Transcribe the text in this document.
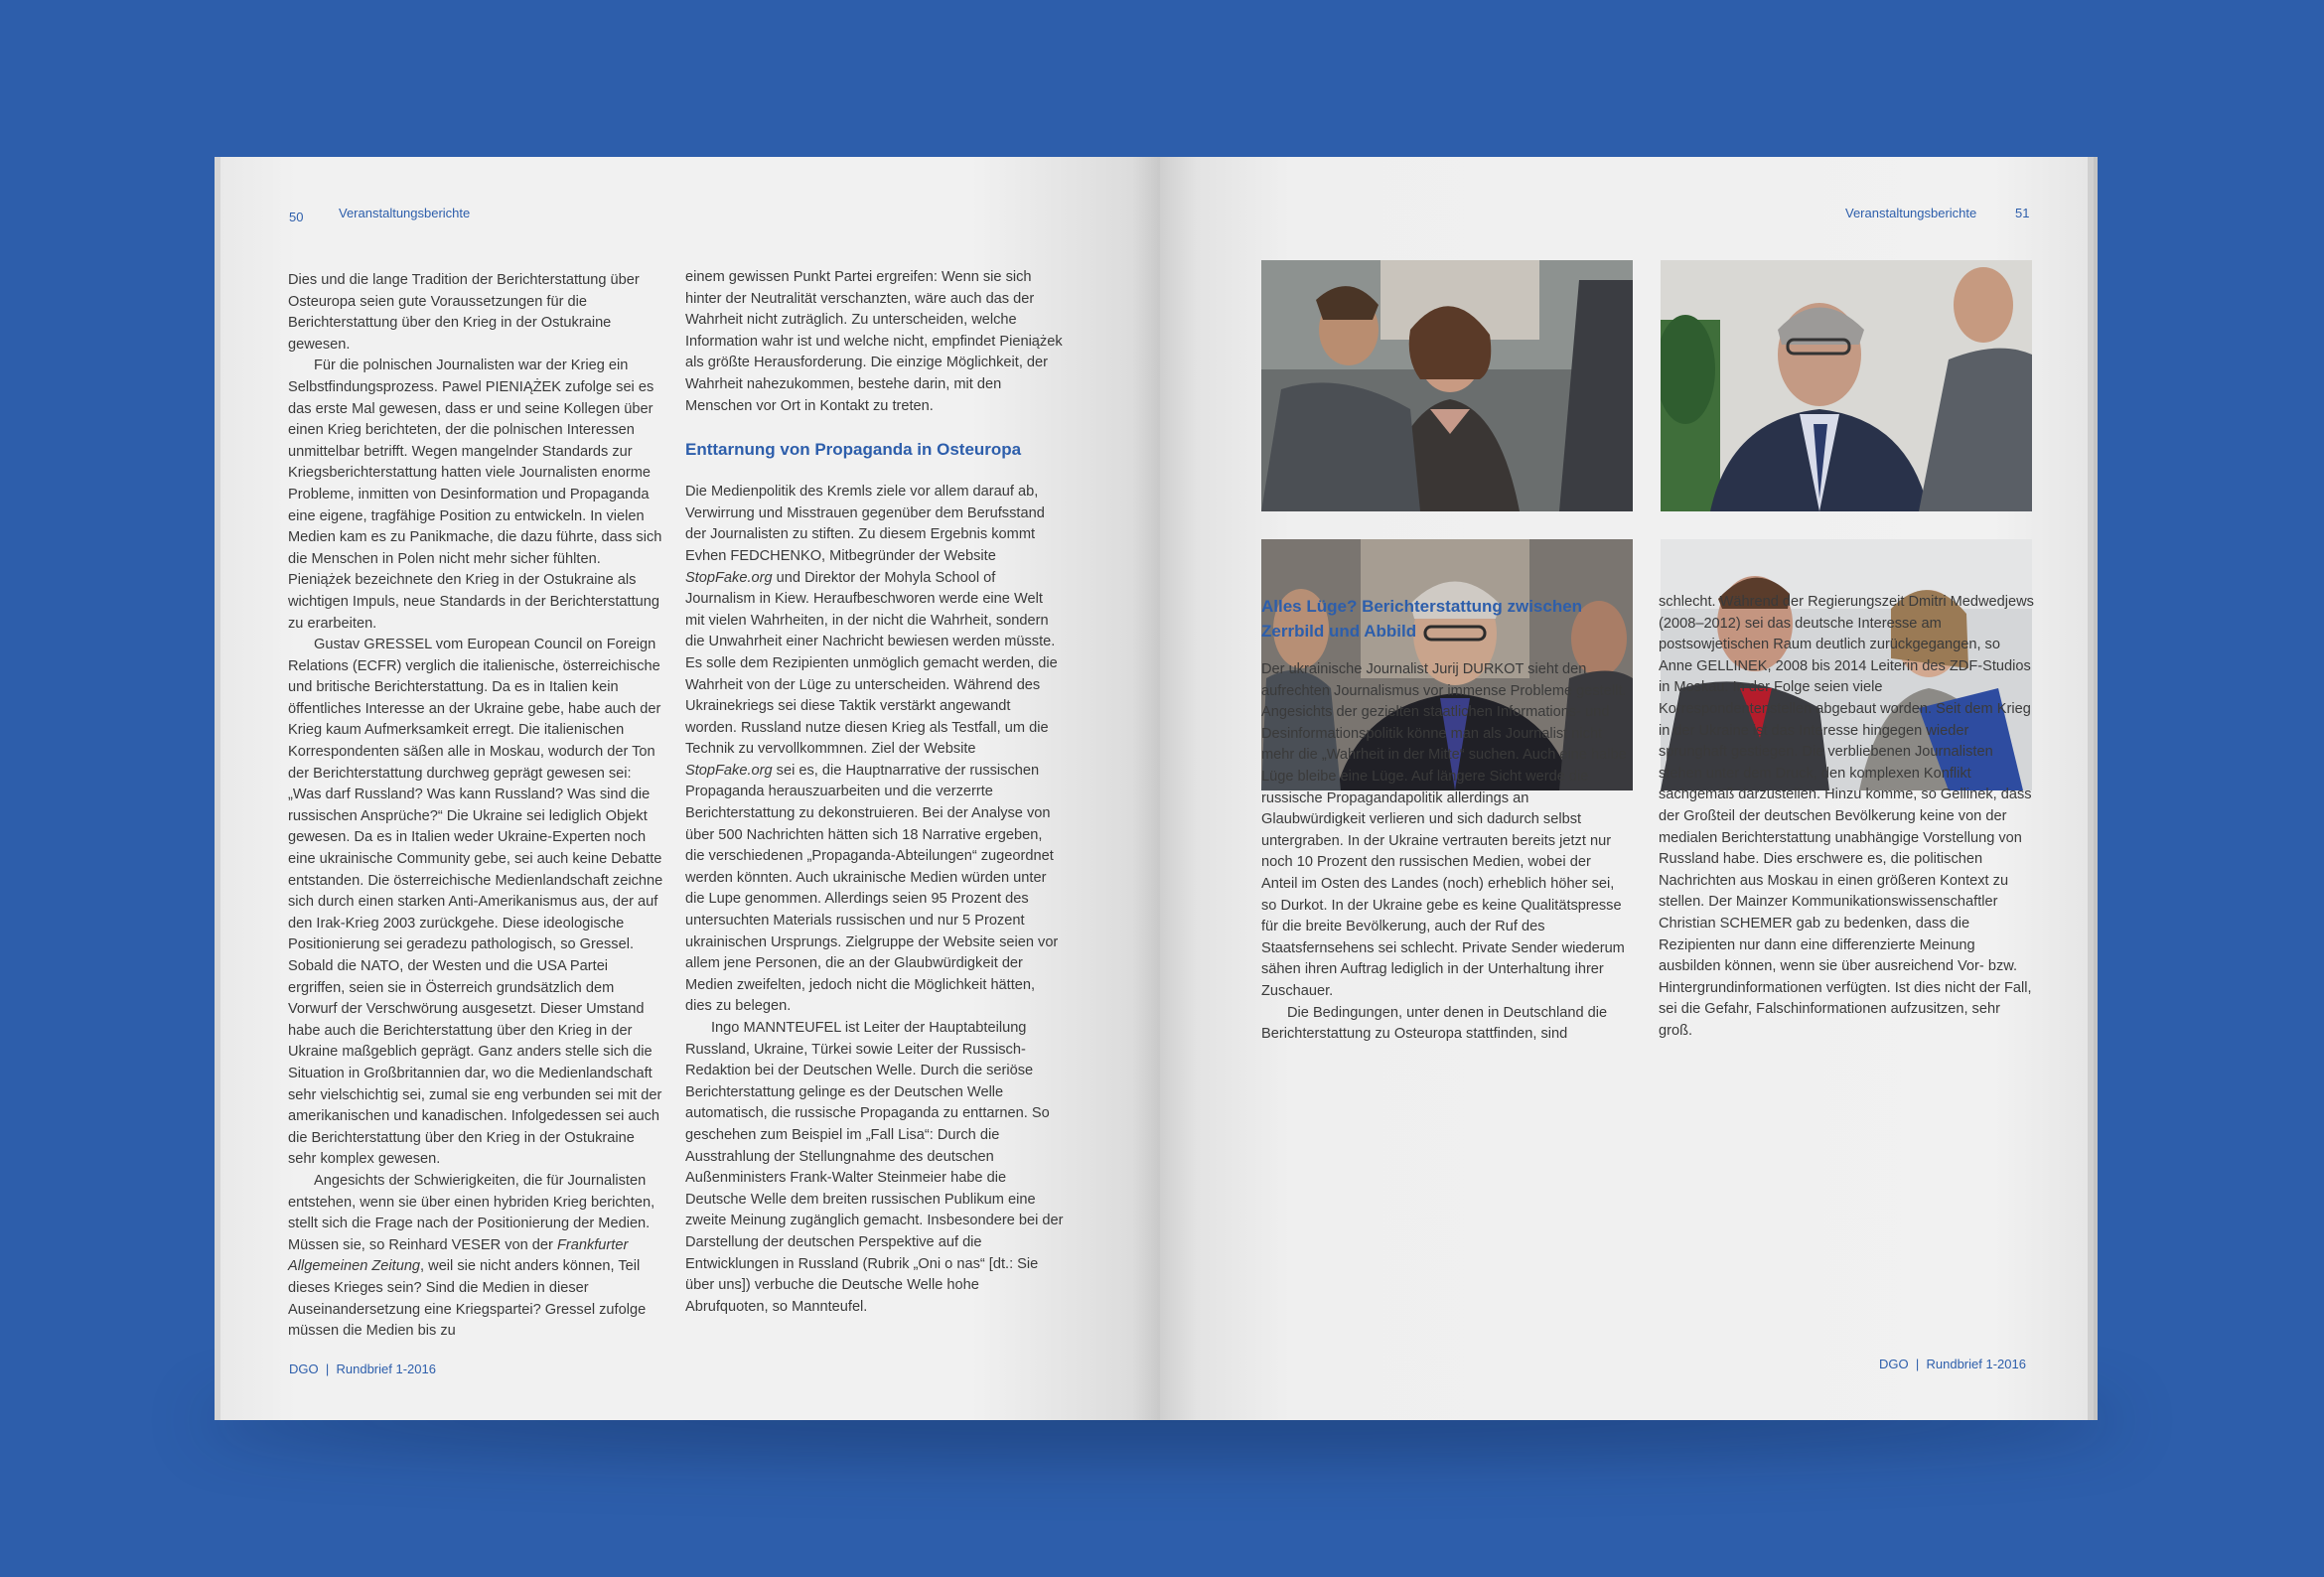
50	Veranstaltungsberichte

Dies und die lange Tradition der Berichterstattung über Osteuropa seien gute Voraussetzungen für die Berichterstattung über den Krieg in der Ostukraine gewesen.

Für die polnischen Journalisten war der Krieg ein Selbstfindungsprozess. Pawel PIENIĄŻEK zufolge sei es das erste Mal gewesen, dass er und seine Kollegen über einen Krieg berichteten, der die polnischen Interessen unmittelbar betrifft. Wegen mangelnder Standards zur Kriegsberichterstattung hatten viele Journalisten enorme Probleme, inmitten von Desinformation und Propaganda eine eigene, tragfähige Position zu entwickeln. In vielen Medien kam es zu Panikmache, die dazu führte, dass sich die Menschen in Polen nicht mehr sicher fühlten. Pieniążek bezeichnete den Krieg in der Ostukraine als wichtigen Impuls, neue Standards in der Berichterstattung zu erarbeiten.

Gustav GRESSEL vom European Council on Foreign Relations (ECFR) verglich die italienische, österreichische und britische Berichterstattung. Da es in Italien kein öffentliches Interesse an der Ukraine gebe, habe auch der Krieg kaum Aufmerksamkeit erregt. Die italienischen Korrespondenten säßen alle in Moskau, wodurch der Ton der Berichterstattung durchweg geprägt gewesen sei: „Was darf Russland? Was kann Russland? Was sind die russischen Ansprüche?“ Die Ukraine sei lediglich Objekt gewesen. Da es in Italien weder Ukraine-Experten noch eine ukrainische Community gebe, sei auch keine Debatte entstanden. Die österreichische Medienlandschaft zeichne sich durch einen starken Anti-Amerikanismus aus, der auf den Irak-Krieg 2003 zurückgehe. Diese ideologische Positionierung sei geradezu pathologisch, so Gressel. Sobald die NATO, der Westen und die USA Partei ergriffen, seien sie in Österreich grundsätzlich dem Vorwurf der Verschwörung ausgesetzt. Dieser Umstand habe auch die Berichterstattung über den Krieg in der Ukraine maßgeblich geprägt. Ganz anders stelle sich die Situation in Großbritannien dar, wo die Medienlandschaft sehr vielschichtig sei, zumal sie eng verbunden sei mit der amerikanischen und kanadischen. Infolgedessen sei auch die Berichterstattung über den Krieg in der Ostukraine sehr komplex gewesen.

Angesichts der Schwierigkeiten, die für Journalisten entstehen, wenn sie über einen hybriden Krieg berichten, stellt sich die Frage nach der Positionierung der Medien. Müssen sie, so Reinhard VESER von der Frankfurter Allgemeinen Zeitung, weil sie nicht anders können, Teil dieses Krieges sein? Sind die Medien in dieser Auseinandersetzung eine Kriegspartei? Gressel zufolge müssen die Medien bis zu

einem gewissen Punkt Partei ergreifen: Wenn sie sich hinter der Neutralität verschanzten, wäre auch das der Wahrheit nicht zuträglich. Zu unterscheiden, welche Information wahr ist und welche nicht, empfindet Pieniążek als größte Herausforderung. Die einzige Möglichkeit, der Wahrheit nahezukommen, bestehe darin, mit den Menschen vor Ort in Kontakt zu treten.

Enttarnung von Propaganda in Osteuropa

Die Medienpolitik des Kremls ziele vor allem darauf ab, Verwirrung und Misstrauen gegenüber dem Berufsstand der Journalisten zu stiften. Zu diesem Ergebnis kommt Evhen FEDCHENKO, Mitbegründer der Website StopFake.org und Direktor der Mohyla School of Journalism in Kiew. Heraufbeschworen werde eine Welt mit vielen Wahrheiten, in der nicht die Wahrheit, sondern die Unwahrheit einer Nachricht bewiesen werden müsste. Es solle dem Rezipienten unmöglich gemacht werden, die Wahrheit von der Lüge zu unterscheiden. Während des Ukrainekriegs sei diese Taktik verstärkt angewandt worden. Russland nutze diesen Krieg als Testfall, um die Technik zu vervollkommnen. Ziel der Website StopFake.org sei es, die Hauptnarrative der russischen Propaganda herauszuarbeiten und die verzerrte Berichterstattung zu dekonstruieren. Bei der Analyse von über 500 Nachrichten hätten sich 18 Narrative ergeben, die verschiedenen „Propaganda-Abteilungen“ zugeordnet werden könnten. Auch ukrainische Medien würden unter die Lupe genommen. Allerdings seien 95 Prozent des untersuchten Materials russischen und nur 5 Prozent ukrainischen Ursprungs. Zielgruppe der Website seien vor allem jene Personen, die an der Glaubwürdigkeit der Medien zweifelten, jedoch nicht die Möglichkeit hätten, dies zu belegen.

Ingo MANNTEUFEL ist Leiter der Hauptabteilung Russland, Ukraine, Türkei sowie Leiter der Russisch-Redaktion bei der Deutschen Welle. Durch die seriöse Berichterstattung gelinge es der Deutschen Welle automatisch, die russische Propaganda zu enttarnen. So geschehen zum Beispiel im „Fall Lisa“: Durch die Ausstrahlung der Stellungnahme des deutschen Außenministers Frank-Walter Steinmeier habe die Deutsche Welle dem breiten russischen Publikum eine zweite Meinung zugänglich gemacht. Insbesondere bei der Darstellung der deutschen Perspektive auf die Entwicklungen in Russland (Rubrik „Oni o nas“ [dt.: Sie über uns]) verbuche die Deutsche Welle hohe Abrufquoten, so Mannteufel.

DGO | Rundbrief 1-2016
Veranstaltungsberichte	51
Alles Lüge? Berichterstattung zwischen Zerrbild und Abbild

Der ukrainische Journalist Jurij DURKOT sieht den aufrechten Journalismus vor immense Probleme gestellt. Angesichts der gezielten staatlichen Informations- und Desinformationspolitik könne man als Journalist nicht mehr die „Wahrheit in der Mitte“ suchen. Auch eine halbe Lüge bleibe eine Lüge. Auf längere Sicht werde die russische Propagandapolitik allerdings an Glaubwürdigkeit verlieren und sich dadurch selbst untergraben. In der Ukraine vertrauten bereits jetzt nur noch 10 Prozent den russischen Medien, wobei der Anteil im Osten des Landes (noch) erheblich höher sei, so Durkot. In der Ukraine gebe es keine Qualitätspresse für die breite Bevölkerung, auch der Ruf des Staatsfernsehens sei schlecht. Private Sender wiederum sähen ihren Auftrag lediglich in der Unterhaltung ihrer Zuschauer.

Die Bedingungen, unter denen in Deutschland die Berichterstattung zu Osteuropa stattfinden, sind

schlecht. Während der Regierungszeit Dmitri Medwedjews (2008–2012) sei das deutsche Interesse am postsowjetischen Raum deutlich zurückgegangen, so Anne GELLINEK, 2008 bis 2014 Leiterin des ZDF-Studios in Moskau. In der Folge seien viele Korrespondentenstellen abgebaut worden. Seit dem Krieg in der Ukraine ist das Interesse hingegen wieder sprunghaft gestiegen. Die verbliebenen Journalisten stehen unter dem Druck, den komplexen Konflikt sachgemäß darzustellen. Hinzu komme, so Gellinek, dass der Großteil der deutschen Bevölkerung keine von der medialen Berichterstattung unabhängige Vorstellung von Russland habe. Dies erschwere es, die politischen Nachrichten aus Moskau in einen größeren Kontext zu stellen. Der Mainzer Kommunikationswissenschaftler Christian SCHEMER gab zu bedenken, dass die Rezipienten nur dann eine differenzierte Meinung ausbilden können, wenn sie über ausreichend Vor- bzw. Hintergrundinformationen verfügten. Ist dies nicht der Fall, sei die Gefahr, Falschinformationen aufzusitzen, sehr groß.

DGO | Rundbrief 1-2016
